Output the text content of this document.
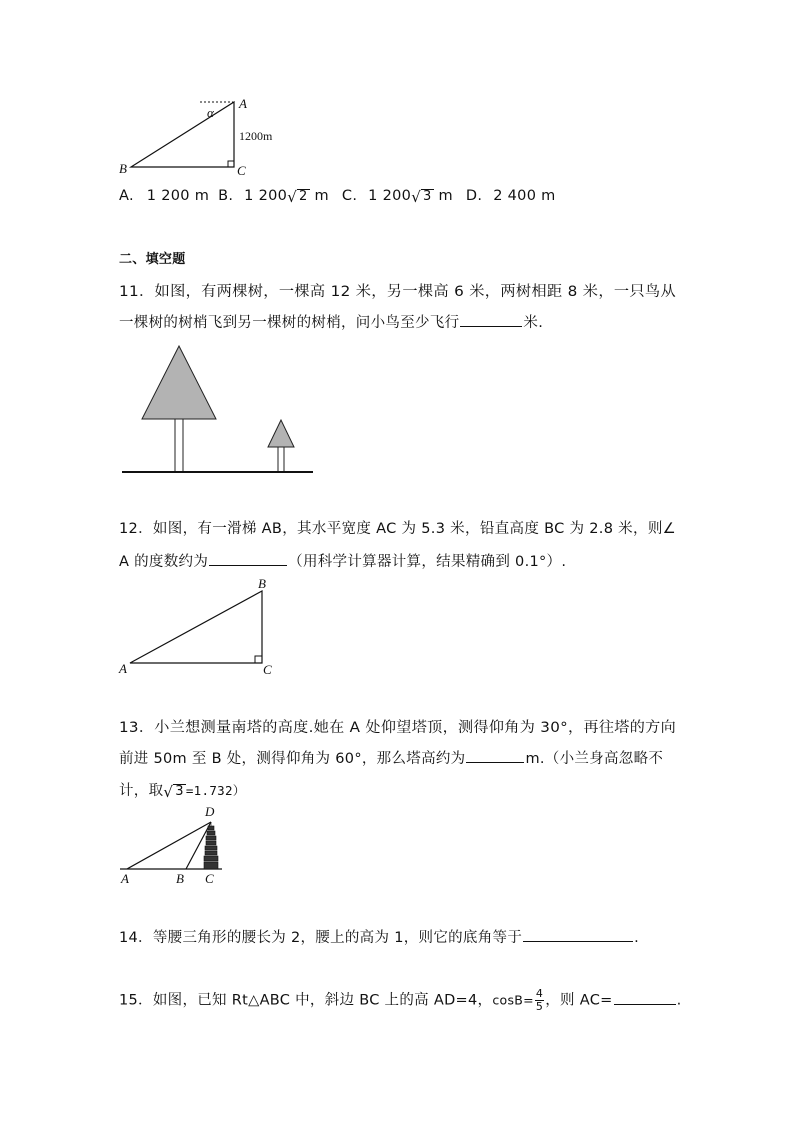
A
B	C
α
1200m
A. 1 200 m B. 1 200 √ 2 m C. 1 200 √ 3 m D. 2 400 m
二、填空题
11．如图，有两棵树，一棵高 12 米，另一棵高 6 米，两树相距 8 米，一只鸟从
一棵树的树梢飞到另一棵树的树梢，问小鸟至少飞行	米.
12．如图，有一滑梯 AB，其水平宽度 AC 为 5.3 米，铅直高度 BC 为 2.8 米，则∠
A 的度数约为	（用科学计算器计算，结果精确到 0.1°）.
A
B
C
13．小兰想测量南塔的高度.她在 A 处仰望塔顶，测得仰角为 30°，再往塔的方向
前进 50m 至 B 处，测得仰角为 60°，那么塔高约为	m.（小兰身高忽略不
计，取 √ 3 =1.732）
A	B C
D
14．等腰三角形的腰长为 2，腰上的高为 1，则它的底角等于	.
15．如图，已知 Rt△ABC 中，斜边 BC 上的高 AD=4，$\cos B= \frac{4}{5}$ ，则 AC=	.
